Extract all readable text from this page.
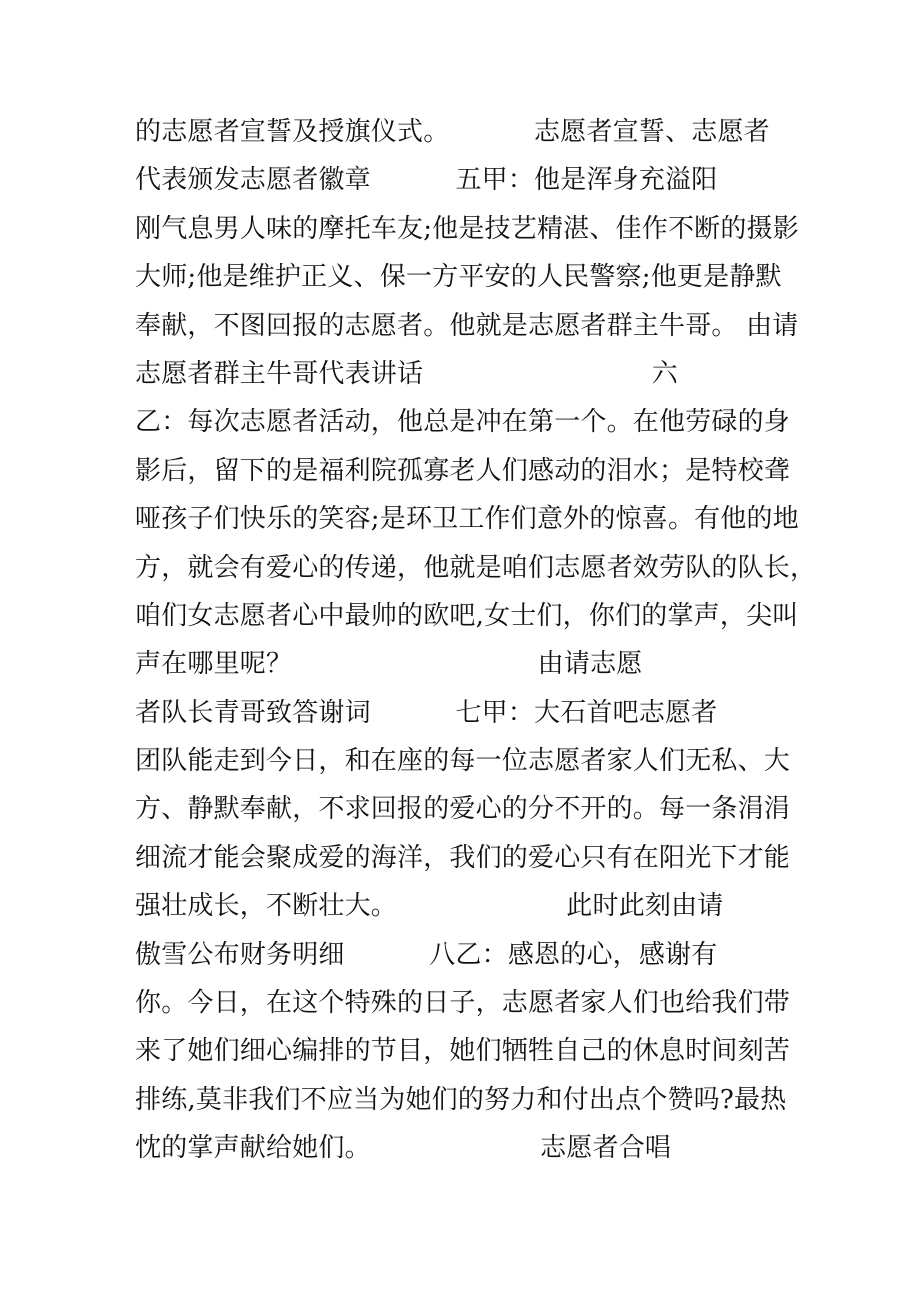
的志愿者宣誓及授旗仪式。          志愿者宣誓、志愿者
代表颁发志愿者徽章          五甲：他是浑身充溢阳
刚气息男人味的摩托车友;他是技艺精湛、佳作不断的摄影
大师;他是维护正义、保一方平安的人民警察;他更是静默
奉献，不图回报的志愿者。他就是志愿者群主牛哥。 由请
志愿者群主牛哥代表讲话                           六
乙：每次志愿者活动，他总是冲在第一个。在他劳碌的身
影后，留下的是福利院孤寡老人们感动的泪水；是特校聋
哑孩子们快乐的笑容;是环卫工作们意外的惊喜。有他的地
方，就会有爱心的传递，他就是咱们志愿者效劳队的队长，
咱们女志愿者心中最帅的欧吧,女士们，你们的掌声，尖叫
声在哪里呢？                             由请志愿
者队长青哥致答谢词          七甲：大石首吧志愿者
团队能走到今日，和在座的每一位志愿者家人们无私、大
方、静默奉献，不求回报的爱心的分不开的。每一条涓涓
细流才能会聚成爱的海洋，我们的爱心只有在阳光下才能
强壮成长，不断壮大。                    此时此刻由请
傲雪公布财务明细          八乙：感恩的心，感谢有
你。今日，在这个特殊的日子，志愿者家人们也给我们带
来了她们细心编排的节目，她们牺牲自己的休息时间刻苦
排练,莫非我们不应当为她们的努力和付出点个赞吗?最热
忱的掌声献给她们。                    志愿者合唱
